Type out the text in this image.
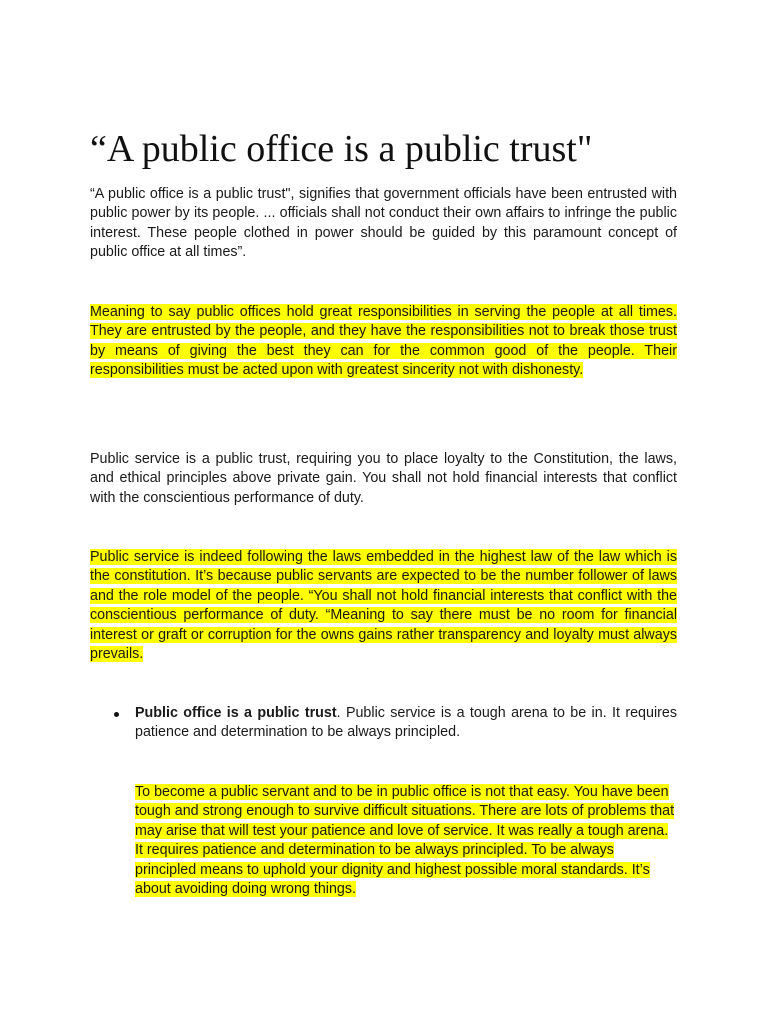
“A public office is a public trust"

“A public office is a public trust", signifies that government officials have been entrusted with public power by its people. ... officials shall not conduct their own affairs to infringe the public interest. These people clothed in power should be guided by this paramount concept of public office at all times”.

Meaning to say public offices hold great responsibilities in serving the people at all times. They are entrusted by the people, and they have the responsibilities not to break those trust by means of giving the best they can for the common good of the people. Their responsibilities must be acted upon with greatest sincerity not with dishonesty.

Public service is a public trust, requiring you to place loyalty to the Constitution, the laws, and ethical principles above private gain. You shall not hold financial interests that conflict with the conscientious performance of duty.

Public service is indeed following the laws embedded in the highest law of the law which is the constitution. It’s because public servants are expected to be the number follower of laws and the role model of the people. “You shall not hold financial interests that conflict with the conscientious performance of duty. “Meaning to say there must be no room for financial interest or graft or corruption for the owns gains rather transparency and loyalty must always prevails.

Public office is a public trust. Public service is a tough arena to be in. It requires patience and determination to be always principled.

To become a public servant and to be in public office is not that easy. You have been tough and strong enough to survive difficult situations. There are lots of problems that may arise that will test your patience and love of service. It was really a tough arena. It requires patience and determination to be always principled. To be always principled means to uphold your dignity and highest possible moral standards. It’s about avoiding doing wrong things.
